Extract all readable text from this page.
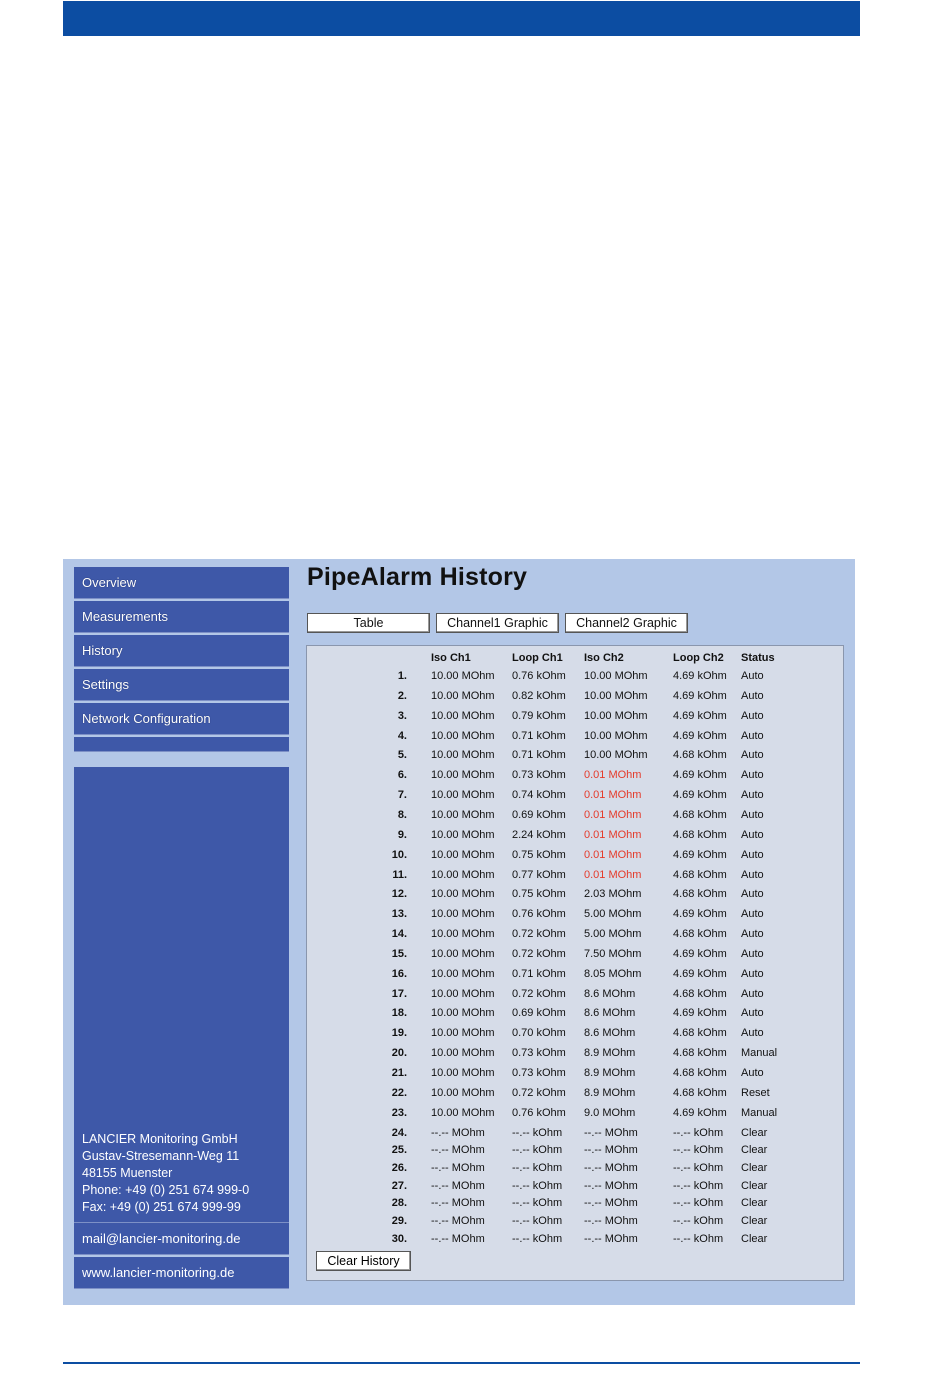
Overview
Measurements
History
Settings
Network Configuration
LANCIER Monitoring GmbH
Gustav-Stresemann-Weg 11
48155 Muenster
Phone: +49 (0) 251 674 999-0
Fax: +49 (0) 251 674 999-99
mail@lancier-monitoring.de
www.lancier-monitoring.de
PipeAlarm History
Table	Channel1 Graphic	Channel2 Graphic
Iso Ch1	Loop Ch1 Iso Ch2	Loop Ch2 Status
1. 10.00 MOhm 0.76 kOhm 10.00 MOhm 4.69 kOhm Auto
2. 10.00 MOhm 0.82 kOhm 10.00 MOhm 4.69 kOhm Auto
3. 10.00 MOhm 0.79 kOhm 10.00 MOhm 4.69 kOhm Auto
4. 10.00 MOhm 0.71 kOhm 10.00 MOhm 4.69 kOhm Auto
5. 10.00 MOhm 0.71 kOhm 10.00 MOhm 4.68 kOhm Auto
6. 10.00 MOhm 0.73 kOhm 0.01 MOhm	4.69 kOhm Auto
7. 10.00 MOhm 0.74 kOhm 0.01 MOhm	4.69 kOhm Auto
8. 10.00 MOhm 0.69 kOhm 0.01 MOhm	4.68 kOhm Auto
9. 10.00 MOhm 2.24 kOhm 0.01 MOhm	4.68 kOhm Auto
10. 10.00 MOhm 0.75 kOhm 0.01 MOhm	4.69 kOhm Auto
11. 10.00 MOhm 0.77 kOhm 0.01 MOhm	4.68 kOhm Auto
12. 10.00 MOhm 0.75 kOhm 2.03 MOhm	4.68 kOhm Auto
13. 10.00 MOhm 0.76 kOhm 5.00 MOhm	4.69 kOhm Auto
14. 10.00 MOhm 0.72 kOhm 5.00 MOhm	4.68 kOhm Auto
15. 10.00 MOhm 0.72 kOhm 7.50 MOhm	4.69 kOhm Auto
16. 10.00 MOhm 0.71 kOhm 8.05 MOhm	4.69 kOhm Auto
17. 10.00 MOhm 0.72 kOhm 8.6 MOhm	4.68 kOhm Auto
18. 10.00 MOhm 0.69 kOhm 8.6 MOhm	4.69 kOhm Auto
19. 10.00 MOhm 0.70 kOhm 8.6 MOhm	4.68 kOhm Auto
20. 10.00 MOhm 0.73 kOhm 8.9 MOhm	4.68 kOhm Manual
21. 10.00 MOhm 0.73 kOhm 8.9 MOhm	4.68 kOhm Auto
22. 10.00 MOhm 0.72 kOhm 8.9 MOhm	4.68 kOhm Reset
23. 10.00 MOhm 0.76 kOhm 9.0 MOhm	4.69 kOhm Manual
24. --.-- MOhm --.-- kOhm --.-- MOhm	--.-- kOhm Clear
25. --.-- MOhm --.-- kOhm --.-- MOhm	--.-- kOhm Clear
26. --.-- MOhm --.-- kOhm --.-- MOhm	--.-- kOhm Clear
27. --.-- MOhm --.-- kOhm --.-- MOhm	--.-- kOhm Clear
28. --.-- MOhm --.-- kOhm --.-- MOhm	--.-- kOhm Clear
29. --.-- MOhm --.-- kOhm --.-- MOhm	--.-- kOhm Clear
30. --.-- MOhm --.-- kOhm --.-- MOhm	--.-- kOhm Clear
Clear History
